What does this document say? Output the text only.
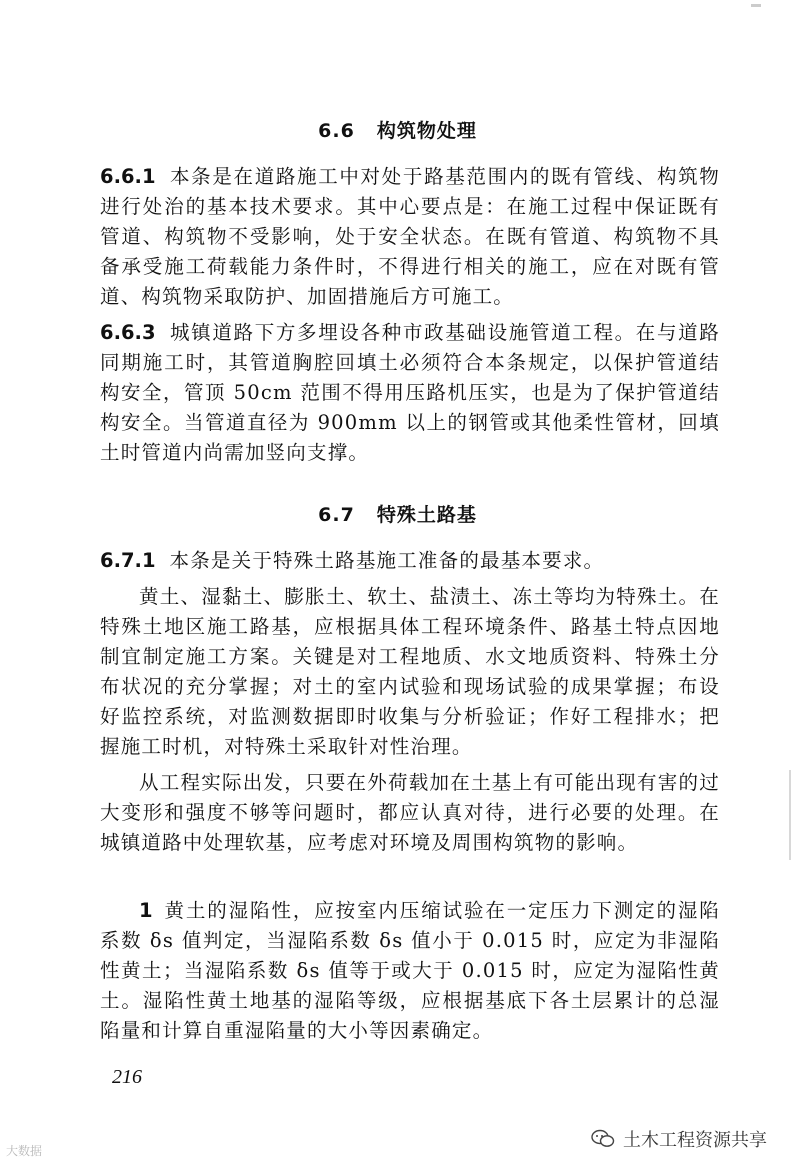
6.6 构筑物处理

6.6.1 本条是在道路施工中对处于路基范围内的既有管线、构筑物进行处治的基本技术要求。其中心要点是：在施工过程中保证既有管道、构筑物不受影响，处于安全状态。在既有管道、构筑物不具备承受施工荷载能力条件时，不得进行相关的施工，应在对既有管道、构筑物采取防护、加固措施后方可施工。

6.6.3 城镇道路下方多埋设各种市政基础设施管道工程。在与道路同期施工时，其管道胸腔回填土必须符合本条规定，以保护管道结构安全，管顶 50cm 范围不得用压路机压实，也是为了保护管道结构安全。当管道直径为 900mm 以上的钢管或其他柔性管材，回填土时管道内尚需加竖向支撑。

6.7 特殊土路基

6.7.1 本条是关于特殊土路基施工准备的最基本要求。

黄土、湿黏土、膨胀土、软土、盐渍土、冻土等均为特殊土。在特殊土地区施工路基，应根据具体工程环境条件、路基土特点因地制宜制定施工方案。关键是对工程地质、水文地质资料、特殊土分布状况的充分掌握；对土的室内试验和现场试验的成果掌握；布设好监控系统，对监测数据即时收集与分析验证；作好工程排水；把握施工时机，对特殊土采取针对性治理。

从工程实际出发，只要在外荷载加在土基上有可能出现有害的过大变形和强度不够等问题时，都应认真对待，进行必要的处理。在城镇道路中处理软基，应考虑对环境及周围构筑物的影响。

1 黄土的湿陷性，应按室内压缩试验在一定压力下测定的湿陷系数 δs 值判定，当湿陷系数 δs 值小于 0.015 时，应定为非湿陷性黄土；当湿陷系数 δs 值等于或大于 0.015 时，应定为湿陷性黄土。湿陷性黄土地基的湿陷等级，应根据基底下各土层累计的总湿陷量和计算自重湿陷量的大小等因素确定。

216
大数据	土木工程资源共享
